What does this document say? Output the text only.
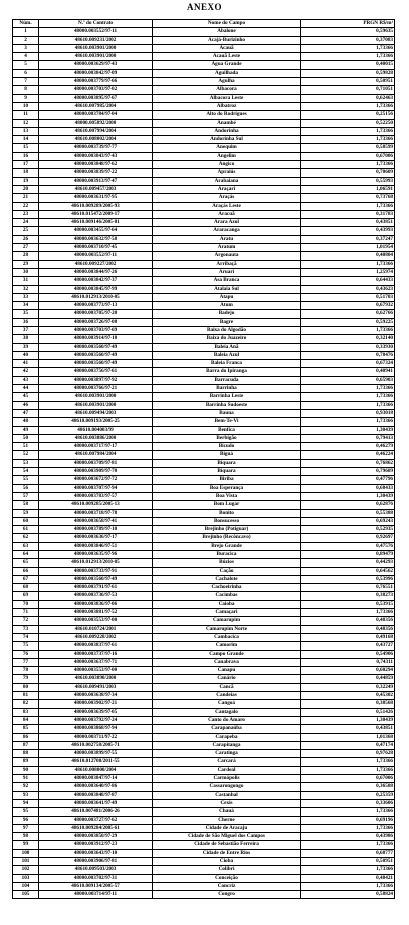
ANEXO
Núm.	N.º do Contrato	Nome do Campo	PRGN R$/m³
1	48000.003552/97-11	Abalone	0,59635
2	48610.009231/2002	Acajá-Burizinho	0,37083
3	48610.003901/2000	Acauã	1,73366
4	48610.003901/2000	Acauã Leste	1,73366
5	48000.003629/97-43	Água Grande	0,40015
6	48000.003842/97-09	Aguilhada	0,59828
7	48000.003779/97-66	Agulha	0,50951
8	48000.003703/97-02	Albacora	0,71051
9	48000.003895/97-67	Albacora Leste	0,62463
10	48610.007985/2004	Albatroz	1,73366
11	48000.003784/97-04	Alto do Rodrigues	0,25156
12	48000.005892/2000	Anambé	0,52250
13	48610.007994/2004	Andorinha	1,73366
14	48610.008002/2004	Andorinha Sul	1,73366
15	48000.003739/97-77	Anequim	0,58599
16	48000.003843/97-43	Angelim	0,67006
17	48000.003848/97-62	Angico	1,73366
18	48000.003839/97-22	Apraiús	0,70609
19	48000.003913/97-47	Arabaiana	0,55993
20	48610.009457/2003	Araçari	1,06591
21	48000.003631/97-95	Araçás	0,73768
22	48610.009289/2005-93	Araçás Leste	1,73366
23	48610.015472/2009-17	Aracuã	0,31783
24	48610.009146/2005-81	Arara Azul	0,43851
25	48000.003455/97-64	Araracanga	0,43993
26	48000.003632/97-58	Aratu	0,37247
27	48000.003710/97-45	Aratum	1,01954
28	48000.003552/97-11	Argonauta	0,40804
29	48610.009227/2002	Arribaçã	1,73366
30	48000.003844/97-26	Aruari	1,25974
31	48000.003842/97-37	Asa Branca	0,64433
32	48000.003845/97-99	Atalaia Sul	0,43623
33	48610.012913/2010-05	Atapu	0,51703
34	48000.003773/97-13	Atum	0,67932
35	48000.003705/97-20	Badejo	0,62766
36	48000.003726/97-08	Bagre	0,59225
37	48000.003703/97-69	Baixa do Algodão	1,73366
38	48000.003914/97-18	Baixa do Juazeiro	0,32140
39	48000.003560/97-49	Baleia Anã	0,33930
40	48000.003560/97-49	Baleia Azul	0,78476
41	48000.003560/97-49	Baleia Franca	0,67324
42	48000.003756/97-61	Barra do Ipiranga	0,40941
43	48000.003897/97-92	Barracuda	0,65903
44	48000.003766/97-21	Barrinha	1,73366
45	48610.003901/2000	Barrinha Leste	1,73366
46	48610.003901/2000	Barrinha Sudoeste	1,73366
47	48610.009494/2003	Bauna	0,93018
48	48610.009193/2005-25	Bem-Te-Vi	1,73366
49	48610.004003/99	Benfica	1,30439
50	48610.003886/2000	Berbigão	0,79413
51	48000.003717/97-17	Bicudo	0,46279
52	48610.007984/2004	Biguá	0,46224
53	48000.003709/97-81	Biquara	0,76862
54	48000.003909/97-70	Biquara	0,79609
55	48000.003672/97-72	Biriba	0,47796
56	48000.003707/97-94	Boa Esperança	0,68433
57	48000.003783/97-57	Boa Vista	1,30439
58	48610.009285/2005-13	Bom Lugar	0,62876
59	48000.003718/97-78	Bonito	0,55388
60	48000.003658/97-41	Bonsucesso	0,69243
61	48000.003789/97-10	Brejinho (Potiguar)	0,52935
62	48000.003636/97-17	Brejinho (Recôncavo)	0,92697
63	48000.003846/97-51	Brejo Grande	0,47576
64	48000.003635/97-96	Buracica	0,89479
65	48610.012913/2010-05	Búzios	0,44293
66	48000.003733/97-91	Cação	0,64562
67	48000.003560/97-49	Cachalote	0,53996
68	48000.003791/97-61	Cachoeirinha	0,76551
69	48000.003736/97-53	Cacimbas	0,38273
70	48000.003836/97-06	Caioba	0,53915
71	48000.003881/97-52	Camaçari	1,73366
72	48000.003553/97-00	Camarupim	0,48356
73	48610.010724/2001	Camarupim Norte	0,48356
74	48610.009228/2002	Cambacica	0,49168
75	48000.003837/97-61	Camorim	0,43727
76	48000.003737/97-16	Campo Grande	0,54906
77	48000.003637/97-71	Canabrava	0,74311
78	48000.003553/97-00	Canapu	0,60294
79	48610.003890/2000	Canário	0,44859
80	48610.009491/2003	Cancã	0,32249
81	48000.003638/97-34	Candeias	0,45302
82	48000.003902/97-21	Cangoá	0,38568
83	48000.003639/97-05	Cantagalo	0,51426
84	48000.003792/97-24	Canto do Amaro	1,30439
85	48000.003868/97-94	Carapanaúba	0,43851
86	48000.003711/97-22	Carapeba	1,01368
87	48610.002758/2005-71	Carapitanga	0,47174
88	48000.003899/97-55	Caratinga	0,97628
89	48610.012708/2011-55	Carcará	1,73366
90	48610.008000/2004	Cardeal	1,73366
91	48000.003847/97-14	Carmópolis	0,67006
92	48000.003640/97-86	Cassarongongo	0,36588
93	48000.003848/97-87	Castanhal	0,25359
94	48000.003641/97-49	Cexis	0,33606
95	48610.007481/2006-26	Chauá	1,73366
96	48000.003727/97-62	Cherne	0,69196
97	48610.009284/2005-61	Cidade de Aracaju	1,73366
98	48000.003850/97-29	Cidade de São Miguel dos Campos	0,43986
99	48000.003912/97-23	Cidade de Sebastião Ferreira	1,73366
100	48000.003643/97-10	Cidade de Entre Rios	0,68777
101	48000.003906/97-81	Cioba	0,50951
102	48610.009503/2003	Colibri	1,73366
103	48000.003702/97-31	Conceição	0,48421
104	48610.009134/2005-57	Concriz	1,73366
105	48000.003714/97-11	Congro	0,58824
